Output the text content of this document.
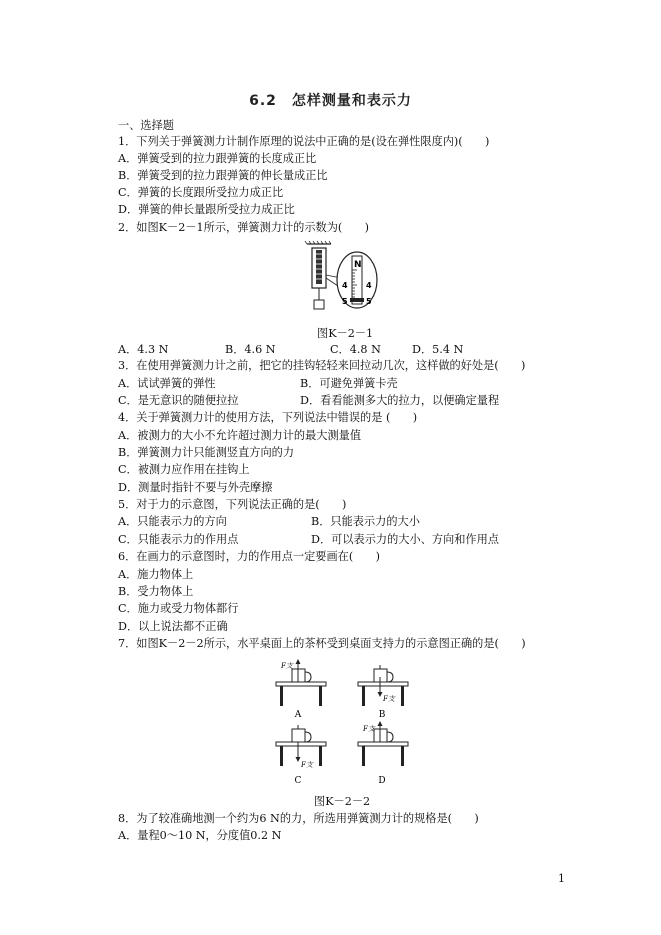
6.2　怎样测量和表示力
一、选择题
1．下列关于弹簧测力计制作原理的说法中正确的是(设在弹性限度内)(　　)
A．弹簧受到的拉力跟弹簧的长度成正比
B．弹簧受到的拉力跟弹簧的伸长量成正比
C．弹簧的长度跟所受拉力成正比
D．弹簧的伸长量跟所受拉力成正比
2．如图K－2－1所示，弹簧测力计的示数为(　　)
N
4 4
5 5
图K－2－1
A．4.3 N	B．4.6 N	C．4.8 N	D．5.4 N
3．在使用弹簧测力计之前，把它的挂钩轻轻来回拉动几次，这样做的好处是(　　)
A．试试弹簧的弹性	B．可避免弹簧卡壳
C．是无意识的随便拉拉	D．看看能测多大的拉力，以便确定量程
4．关于弹簧测力计的使用方法，下列说法中错误的是 (　　)
A．被测力的大小不允许超过测力计的最大测量值
B．弹簧测力计只能测竖直方向的力
C．被测力应作用在挂钩上
D．测量时指针不要与外壳摩擦
5．对于力的示意图，下列说法正确的是(　　)
A．只能表示力的方向	B．只能表示力的大小
C．只能表示力的作用点	D．可以表示力的大小、方向和作用点
6．在画力的示意图时，力的作用点一定要画在(　　)
A．施力物体上
B．受力物体上
C．施力或受力物体都行
D．以上说法都不正确
7．如图K－2－2所示，水平桌面上的茶杯受到桌面支持力的示意图正确的是(　　)
F支
A
F支
B
F支
C
F支
D
图K－2－2
8．为了较准确地测一个约为6 N的力，所选用弹簧测力计的规格是(　　)
A．量程0～10 N，分度值0.2 N
1
